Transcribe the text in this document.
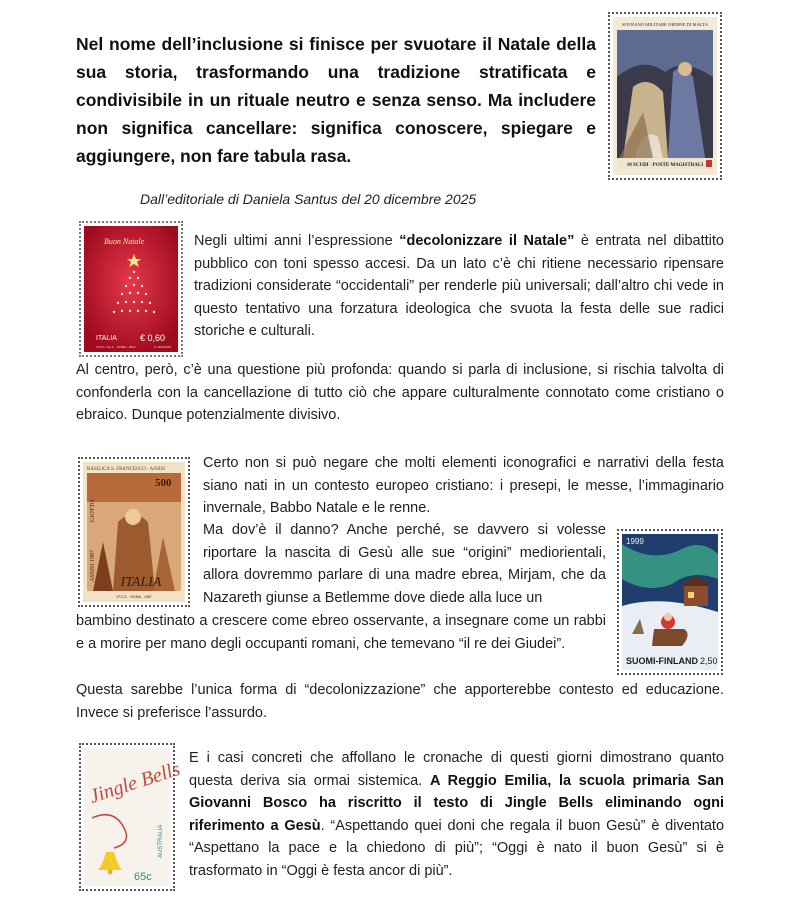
Nel nome dell’inclusione si finisce per svuotare il Natale della sua storia, trasformando una tradizione stratificata e condivisibile in un rituale neutro e senza senso. Ma includere non significa cancellare: significa conoscere, spiegare e aggiungere, non fare tabula rasa.
SOVRANO MILITARE ORDINE DI MALTA
10 SCUDI - POSTE MAGISTRALI
Dall’editoriale di Daniela Santus del 20 dicembre 2025
Buon Natale
ITALIA	€ 0,60
I.P.Z.S. S.p.A. - ROMA - 2010	A. MORAVIA
Negli ultimi anni l’espressione “decolonizzare il Natale” è entrata nel dibattito pubblico con toni spesso accesi. Da un lato c’è chi ritiene necessario ripensare tradizioni considerate “occidentali” per renderle più universali; dall’altro chi vede in questo tentativo una forzatura ideologica che svuota la festa delle sue radici storiche e culturali.
Al centro, però, c’è una questione più profonda: quando si parla di inclusione, si rischia talvolta di confonderla con la cancellazione di tutto ciò che appare culturalmente connotato come cristiano o ebraico. Dunque potenzialmente divisivo.
BASILICA S. FRANCESCO - ASSISI
500
GIOTTO
ASSISI 1987
ITALIA
I.P.Z.S. - ROMA - 1987
Certo non si può negare che molti elementi iconografici e narrativi della festa siano nati in un contesto europeo cristiano: i presepi, le messe, l’immaginario invernale, Babbo Natale e le renne.
Ma dov’è il danno? Anche perché, se davvero si volesse riportare la nascita di Gesù alle sue “origini” mediorientali, allora dovremmo parlare di una madre ebrea, Mirjam, che da Nazareth giunse a Betlemme dove diede alla luce un
1999
SUOMI-FINLAND 2,50
bambino destinato a crescere come ebreo osservante, a insegnare come un rabbi e a morire per mano degli occupanti romani, che temevano “il re dei Giudei”.
Questa sarebbe l’unica forma di “decolonizzazione” che apporterebbe contesto ed educazione. Invece si preferisce l’assurdo.
Jingle Bells
AUSTRALIA
65c
E i casi concreti che affollano le cronache di questi giorni dimostrano quanto questa deriva sia ormai sistemica. A Reggio Emilia, la scuola primaria San Giovanni Bosco ha riscritto il testo di Jingle Bells eliminando ogni riferimento a Gesù. “Aspettando quei doni che regala il buon Gesù” è diventato “Aspettano la pace e la chiedono di più”; “Oggi è nato il buon Gesù” si è trasformato in “Oggi è festa ancor di più”.
